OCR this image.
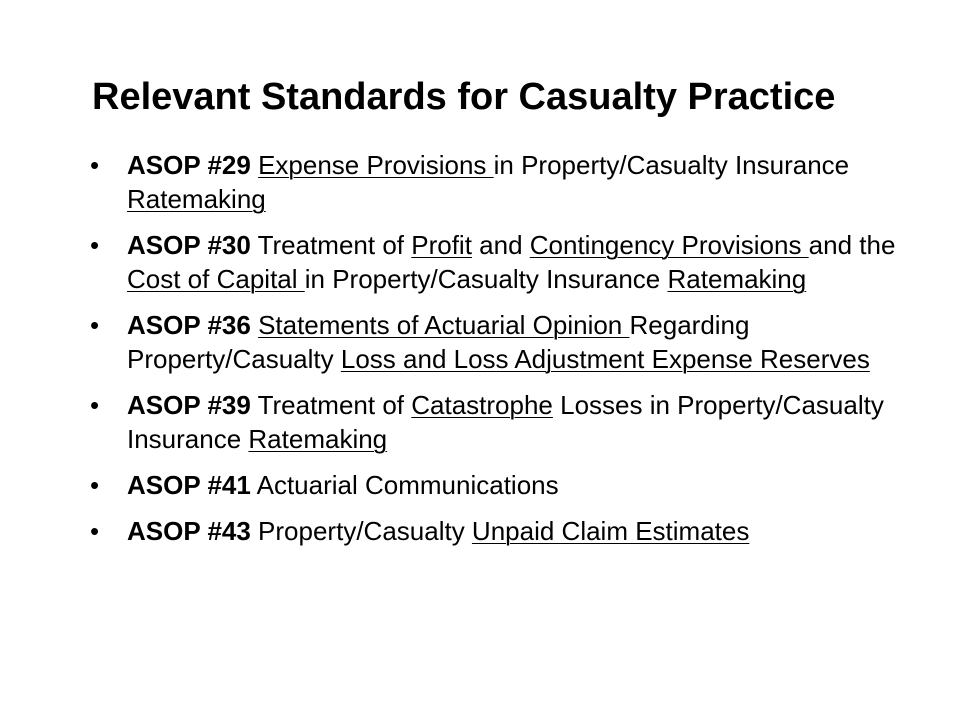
Relevant Standards for Casualty Practice
• ASOP #29 Expense Provisions in Property/Casualty Insurance Ratemaking
• ASOP #30 Treatment of Profit and Contingency Provisions and the Cost of Capital in Property/Casualty Insurance Ratemaking
• ASOP #36 Statements of Actuarial Opinion Regarding Property/Casualty Loss and Loss Adjustment Expense Reserves
• ASOP #39 Treatment of Catastrophe Losses in Property/Casualty Insurance Ratemaking
• ASOP #41 Actuarial Communications
• ASOP #43 Property/Casualty Unpaid Claim Estimates
